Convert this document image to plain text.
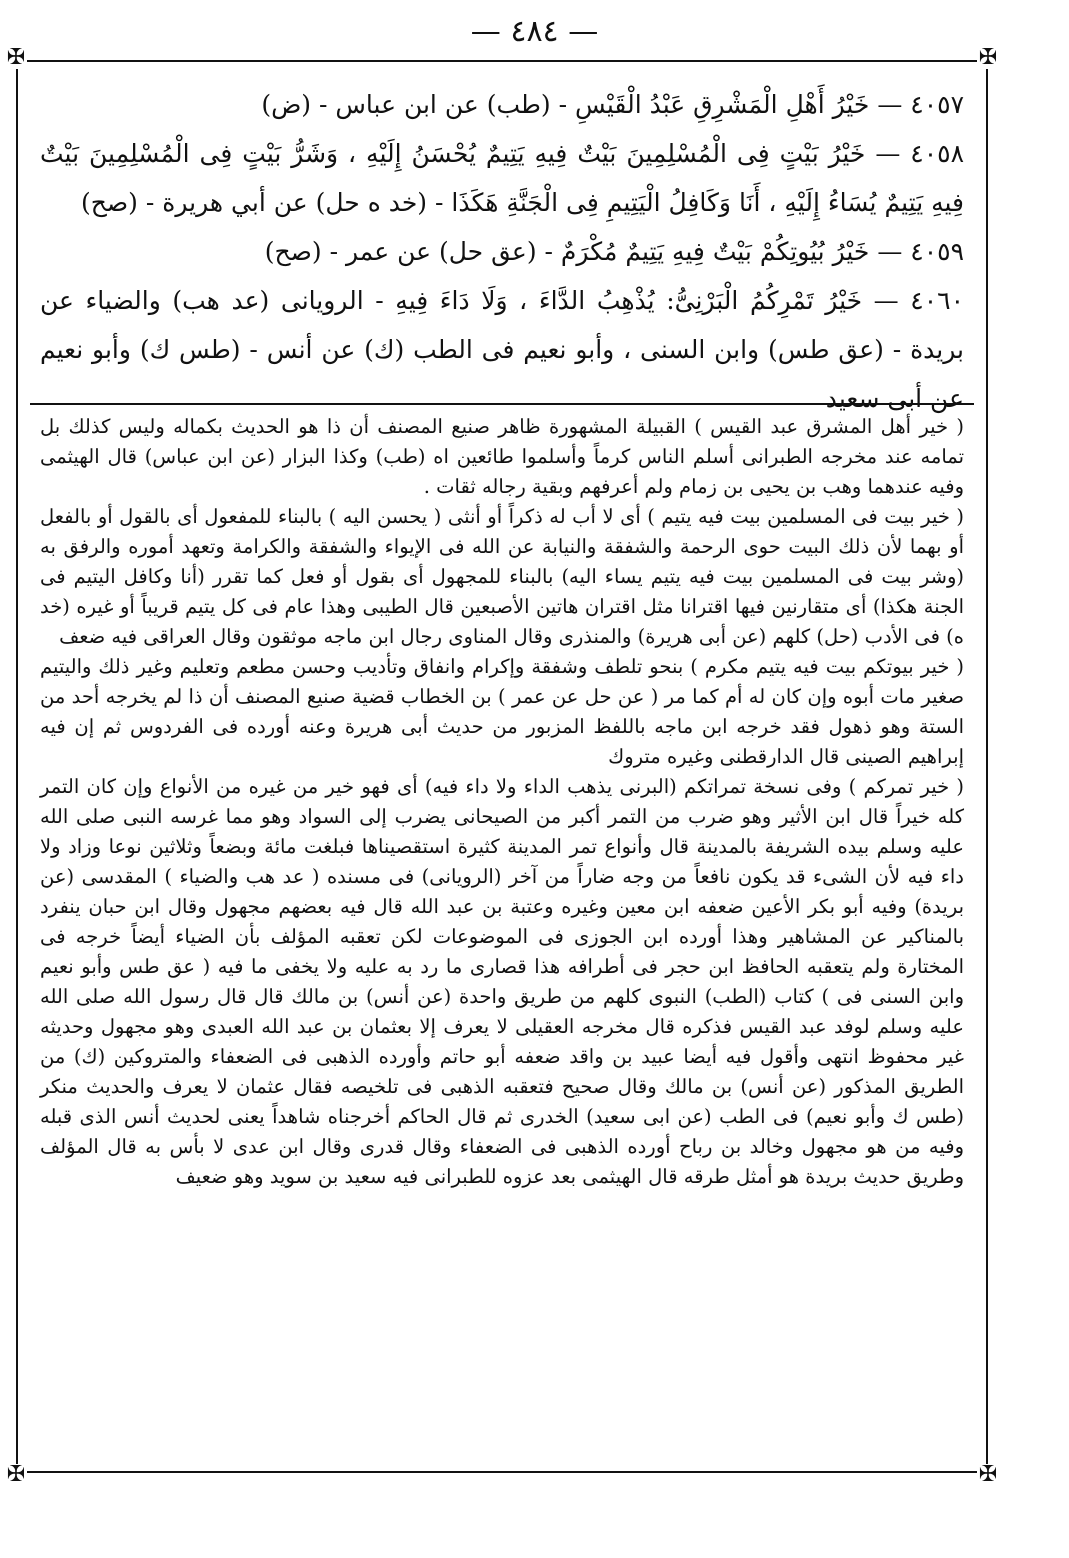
— ٤٨٤ —
✠	✠
✠	✠

٤٠٥٧ — خَيْرُ أَهْلِ الْمَشْرِقِ عَبْدُ الْقَيْسِ - (طب) عن ابن عباس - (ض)

٤٠٥٨ — خَيْرُ بَيْتٍ فِى الْمُسْلِمِينَ بَيْتٌ فِيهِ يَتِيمٌ يُحْسَنُ إِلَيْهِ ، وَشَرُّ بَيْتٍ فِى الْمُسْلِمِينَ بَيْتٌ فِيهِ يَتِيمٌ يُسَاءُ إِلَيْهِ ، أَنَا وَكَافِلُ الْيَتِيمِ فِى الْجَنَّةِ هَكَذَا - (خد ه حل) عن أبي هريرة - (صح)

٤٠٥٩ — خَيْرُ بُيُوتِكُمْ بَيْتٌ فِيهِ يَتِيمٌ مُكْرَمٌ - (عق حل) عن عمر - (صح)

٤٠٦٠ — خَيْرُ تَمْرِكُمُ الْبَرْنِىُّ: يُذْهِبُ الدَّاءَ ، وَلَا دَاءَ فِيهِ - الرويانى (عد هب) والضياء عن بريدة - (عق طس) وابن السنى ، وأبو نعيم فى الطب (ك) عن أنس - (طس ك) وأبو نعيم عن أبى سعيد

( خير أهل المشرق عبد القيس ) القبيلة المشهورة ظاهر صنيع المصنف أن ذا هو الحديث بكماله وليس كذلك بل تمامه عند مخرجه الطبرانى أسلم الناس كرماً وأسلموا طائعين اه (طب) وكذا البزار (عن ابن عباس) قال الهيثمى وفيه عندهما وهب بن يحيى بن زمام ولم أعرفهم وبقية رجاله ثقات .

( خير بيت فى المسلمين بيت فيه يتيم ) أى لا أب له ذكراً أو أنثى ( يحسن اليه ) بالبناء للمفعول أى بالقول أو بالفعل أو بهما لأن ذلك البيت حوى الرحمة والشفقة والنيابة عن الله فى الإيواء والشفقة والكرامة وتعهد أموره والرفق به (وشر بيت فى المسلمين بيت فيه يتيم يساء اليه) بالبناء للمجهول أى بقول أو فعل كما تقرر (أنا وكافل اليتيم فى الجنة هكذا) أى متقارنين فيها اقترانا مثل اقتران هاتين الأصبعين قال الطيبى وهذا عام فى كل يتيم قريباً أو غيره (خد ه) فى الأدب (حل) كلهم (عن أبى هريرة) والمنذرى وقال المناوى رجال ابن ماجه موثقون وقال العراقى فيه ضعف

( خير بيوتكم بيت فيه يتيم مكرم ) بنحو تلطف وشفقة وإكرام وانفاق وتأديب وحسن مطعم وتعليم وغير ذلك واليتيم صغير مات أبوه وإن كان له أم كما مر ( عن حل عن عمر ) بن الخطاب قضية صنيع المصنف أن ذا لم يخرجه أحد من الستة وهو ذهول فقد خرجه ابن ماجه باللفظ المزبور من حديث أبى هريرة وعنه أورده فى الفردوس ثم إن فيه إبراهيم الصينى قال الدارقطنى وغيره متروك

( خير تمركم ) وفى نسخة تمراتكم (البرنى يذهب الداء ولا داء فيه) أى فهو خير من غيره من الأنواع وإن كان التمر كله خيراً قال ابن الأثير وهو ضرب من التمر أكبر من الصيحانى يضرب إلى السواد وهو مما غرسه النبى صلى الله عليه وسلم بيده الشريفة بالمدينة قال وأنواع تمر المدينة كثيرة استقصيناها فبلغت مائة وبضعاً وثلاثين نوعا وزاد ولا داء فيه لأن الشىء قد يكون نافعاً من وجه ضاراً من آخر (الرويانى) فى مسنده ( عد هب والضياء ) المقدسى (عن بريدة) وفيه أبو بكر الأعين ضعفه ابن معين وغيره وعتبة بن عبد الله قال فيه بعضهم مجهول وقال ابن حبان ينفرد بالمناكير عن المشاهير وهذا أورده ابن الجوزى فى الموضوعات لكن تعقبه المؤلف بأن الضياء أيضاً خرجه فى المختارة ولم يتعقبه الحافظ ابن حجر فى أطرافه هذا قصارى ما رد به عليه ولا يخفى ما فيه ( عق طس وأبو نعيم وابن السنى فى ) كتاب (الطب) النبوى كلهم من طريق واحدة (عن أنس) بن مالك قال قال رسول الله صلى الله عليه وسلم لوفد عبد القيس فذكره قال مخرجه العقيلى لا يعرف إلا بعثمان بن عبد الله العبدى وهو مجهول وحديثه غير محفوظ انتهى وأقول فيه أيضا عبيد بن واقد ضعفه أبو حاتم وأورده الذهبى فى الضعفاء والمتروكين (ك) من الطريق المذكور (عن أنس) بن مالك وقال صحيح فتعقبه الذهبى فى تلخيصه فقال عثمان لا يعرف والحديث منكر (طس ك وأبو نعيم) فى الطب (عن ابى سعيد) الخدرى ثم قال الحاكم أخرجناه شاهداً يعنى لحديث أنس الذى قبله وفيه من هو مجهول وخالد بن رباح أورده الذهبى فى الضعفاء وقال قدرى وقال ابن عدى لا بأس به قال المؤلف وطريق حديث بريدة هو أمثل طرقه قال الهيثمى بعد عزوه للطبرانى فيه سعيد بن سويد وهو ضعيف
